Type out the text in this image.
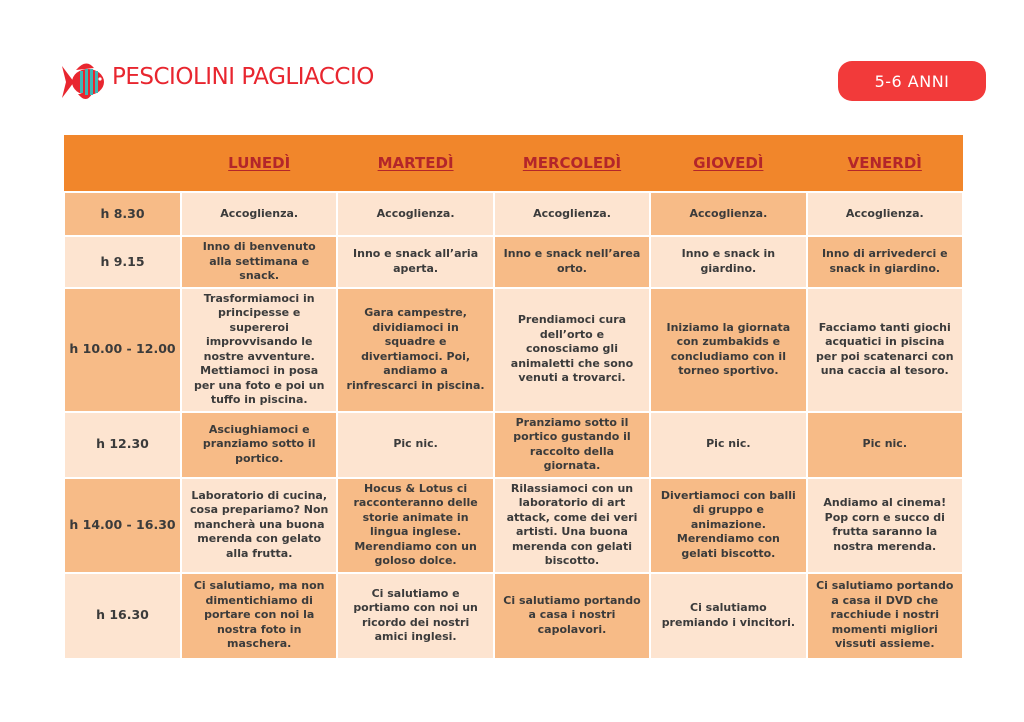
PESCIOLINI PAGLIACCIO	5-6 ANNI
	LUNEDÌ	MARTEDÌ	MERCOLEDÌ	GIOVEDÌ	VENERDÌ
h 8.30	Accoglienza.	Accoglienza.	Accoglienza.	Accoglienza.	Accoglienza.
h 9.15	Inno di benvenuto alla settimana e snack.	Inno e snack all’aria aperta.	Inno e snack nell’area orto.	Inno e snack in giardino.	Inno di arrivederci e snack in giardino.
h 10.00 - 12.00	Trasformiamoci in principesse e supereroi improvvisando le nostre avventure. Mettiamoci in posa per una foto e poi un tuffo in piscina.	Gara campestre, dividiamoci in squadre e divertiamoci. Poi, andiamo a rinfrescarci in piscina.	Prendiamoci cura dell’orto e conosciamo gli animaletti che sono venuti a trovarci.	Iniziamo la giornata con zumbakids e concludiamo con il torneo sportivo.	Facciamo tanti giochi acquatici in piscina per poi scatenarci con una caccia al tesoro.
h 12.30	Asciughiamoci e pranziamo sotto il portico.	Pic nic.	Pranziamo sotto il portico gustando il raccolto della giornata.	Pic nic.	Pic nic.
h 14.00 - 16.30	Laboratorio di cucina, cosa prepariamo? Non mancherà una buona merenda con gelato alla frutta.	Hocus & Lotus ci racconteranno delle storie animate in lingua inglese. Merendiamo con un goloso dolce.	Rilassiamoci con un laboratorio di art attack, come dei veri artisti. Una buona merenda con gelati biscotto.	Divertiamoci con balli di gruppo e animazione. Merendiamo con gelati biscotto.	Andiamo al cinema! Pop corn e succo di frutta saranno la nostra merenda.
h 16.30	Ci salutiamo, ma non dimentichiamo di portare con noi la nostra foto in maschera.	Ci salutiamo e portiamo con noi un ricordo dei nostri amici inglesi.	Ci salutiamo portando a casa i nostri capolavori.	Ci salutiamo premiando i vincitori.	Ci salutiamo portando a casa il DVD che racchiude i nostri momenti migliori vissuti assieme.
